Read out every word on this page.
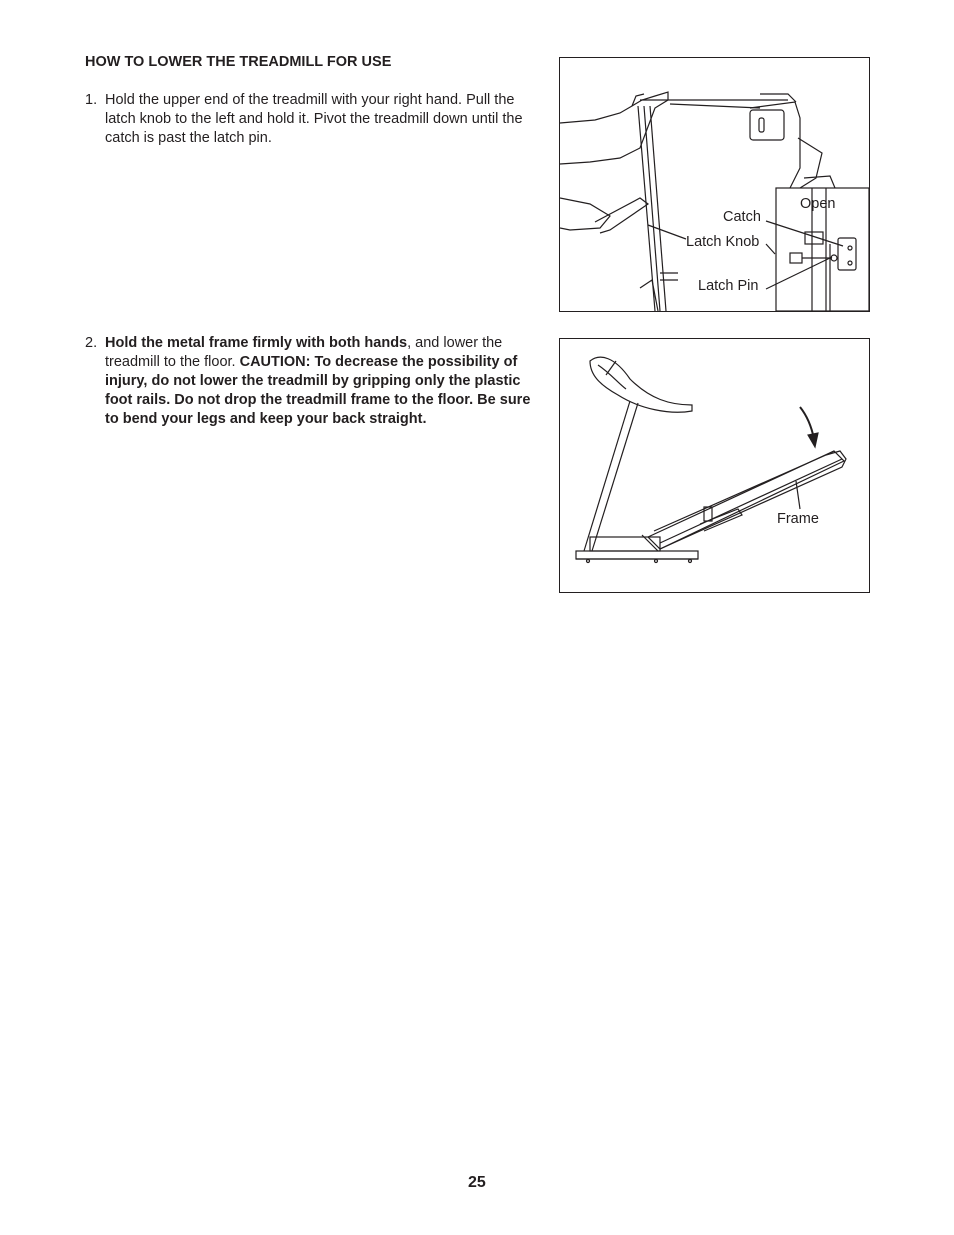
HOW TO LOWER THE TREADMILL FOR USE
1. Hold the upper end of the treadmill with your right hand. Pull the latch knob to the left and hold it. Pivot the treadmill down until the catch is past the latch pin.
2. Hold the metal frame firmly with both hands, and lower the treadmill to the floor. CAUTION: To decrease the possibility of injury, do not lower the treadmill by gripping only the plastic foot rails. Do not drop the treadmill frame to the floor. Be sure to bend your legs and keep your back straight.
Catch
Latch Knob
Latch Pin
Open
Frame
25
